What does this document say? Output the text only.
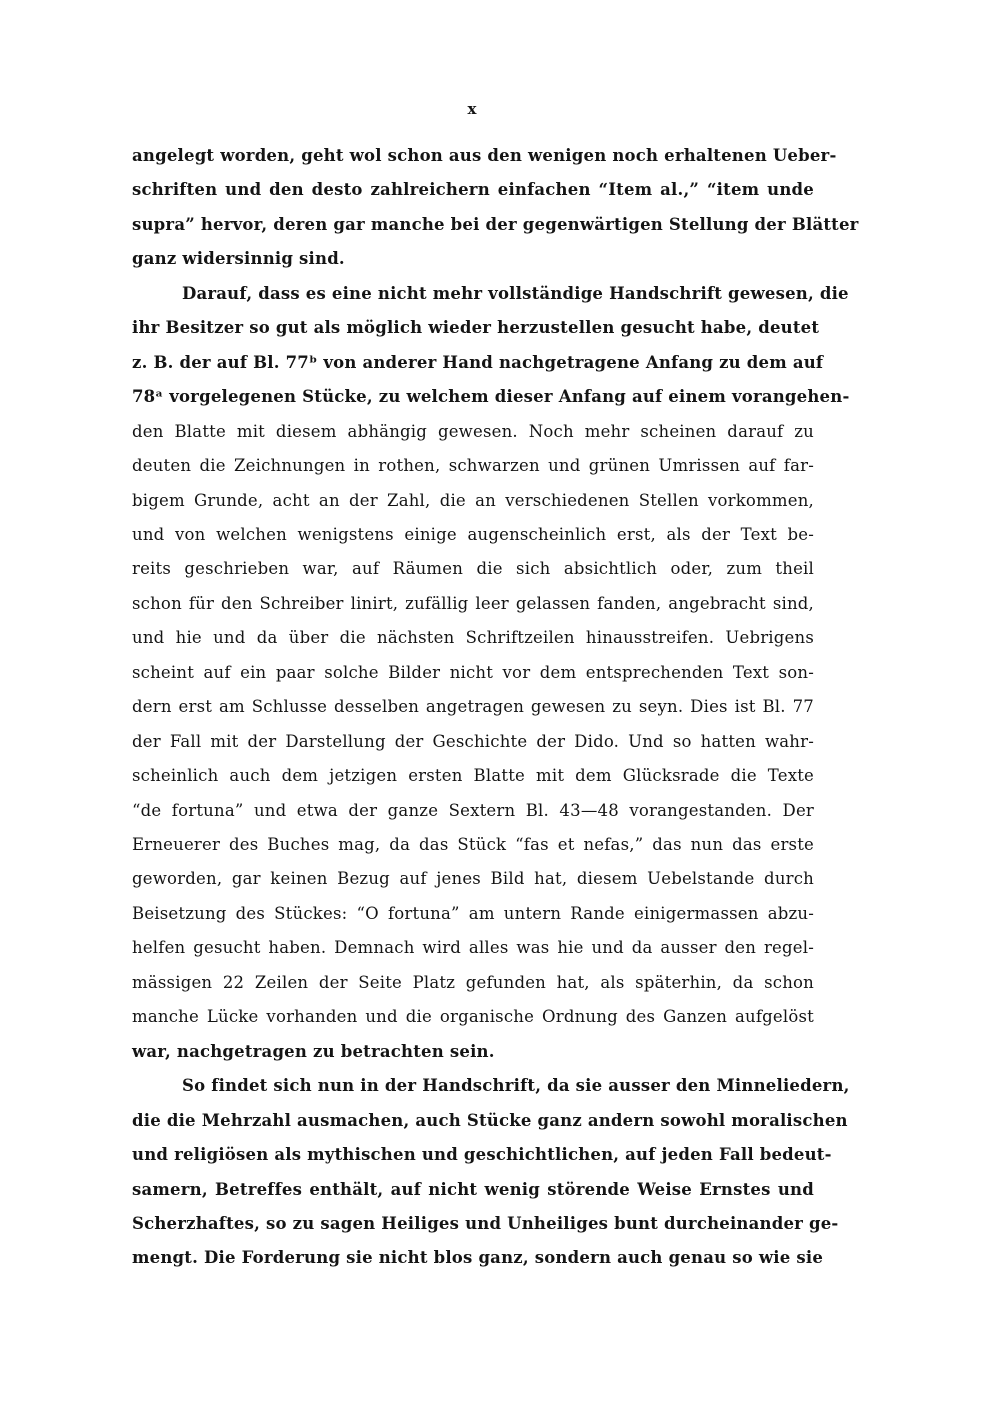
x
angelegt worden, geht wol schon aus den wenigen noch erhaltenen Ueber-
schriften und den desto zahlreichern einfachen “Item al.,” “item unde
supra” hervor, deren gar manche bei der gegenwärtigen Stellung der Blätter
ganz widersinnig sind.
Darauf, dass es eine nicht mehr vollständige Handschrift gewesen, die
ihr Besitzer so gut als möglich wieder herzustellen gesucht habe, deutet
z. B. der auf Bl. 77ᵇ von anderer Hand nachgetragene Anfang zu dem auf
78ᵃ vorgelegenen Stücke, zu welchem dieser Anfang auf einem vorangehen-
den Blatte mit diesem abhängig gewesen. Noch mehr scheinen darauf zu
deuten die Zeichnungen in rothen, schwarzen und grünen Umrissen auf far-
bigem Grunde, acht an der Zahl, die an verschiedenen Stellen vorkommen,
und von welchen wenigstens einige augenscheinlich erst, als der Text be-
reits geschrieben war, auf Räumen die sich absichtlich oder, zum theil
schon für den Schreiber linirt, zufällig leer gelassen fanden, angebracht sind,
und hie und da über die nächsten Schriftzeilen hinausstreifen. Uebrigens
scheint auf ein paar solche Bilder nicht vor dem entsprechenden Text son-
dern erst am Schlusse desselben angetragen gewesen zu seyn. Dies ist Bl. 77
der Fall mit der Darstellung der Geschichte der Dido. Und so hatten wahr-
scheinlich auch dem jetzigen ersten Blatte mit dem Glücksrade die Texte
“de fortuna” und etwa der ganze Sextern Bl. 43—48 vorangestanden. Der
Erneuerer des Buches mag, da das Stück “fas et nefas,” das nun das erste
geworden, gar keinen Bezug auf jenes Bild hat, diesem Uebelstande durch
Beisetzung des Stückes: “O fortuna” am untern Rande einigermassen abzu-
helfen gesucht haben. Demnach wird alles was hie und da ausser den regel-
mässigen 22 Zeilen der Seite Platz gefunden hat, als späterhin, da schon
manche Lücke vorhanden und die organische Ordnung des Ganzen aufgelöst
war, nachgetragen zu betrachten sein.
So findet sich nun in der Handschrift, da sie ausser den Minneliedern,
die die Mehrzahl ausmachen, auch Stücke ganz andern sowohl moralischen
und religiösen als mythischen und geschichtlichen, auf jeden Fall bedeut-
samern, Betreffes enthält, auf nicht wenig störende Weise Ernstes und
Scherzhaftes, so zu sagen Heiliges und Unheiliges bunt durcheinander ge-
mengt. Die Forderung sie nicht blos ganz, sondern auch genau so wie sie
